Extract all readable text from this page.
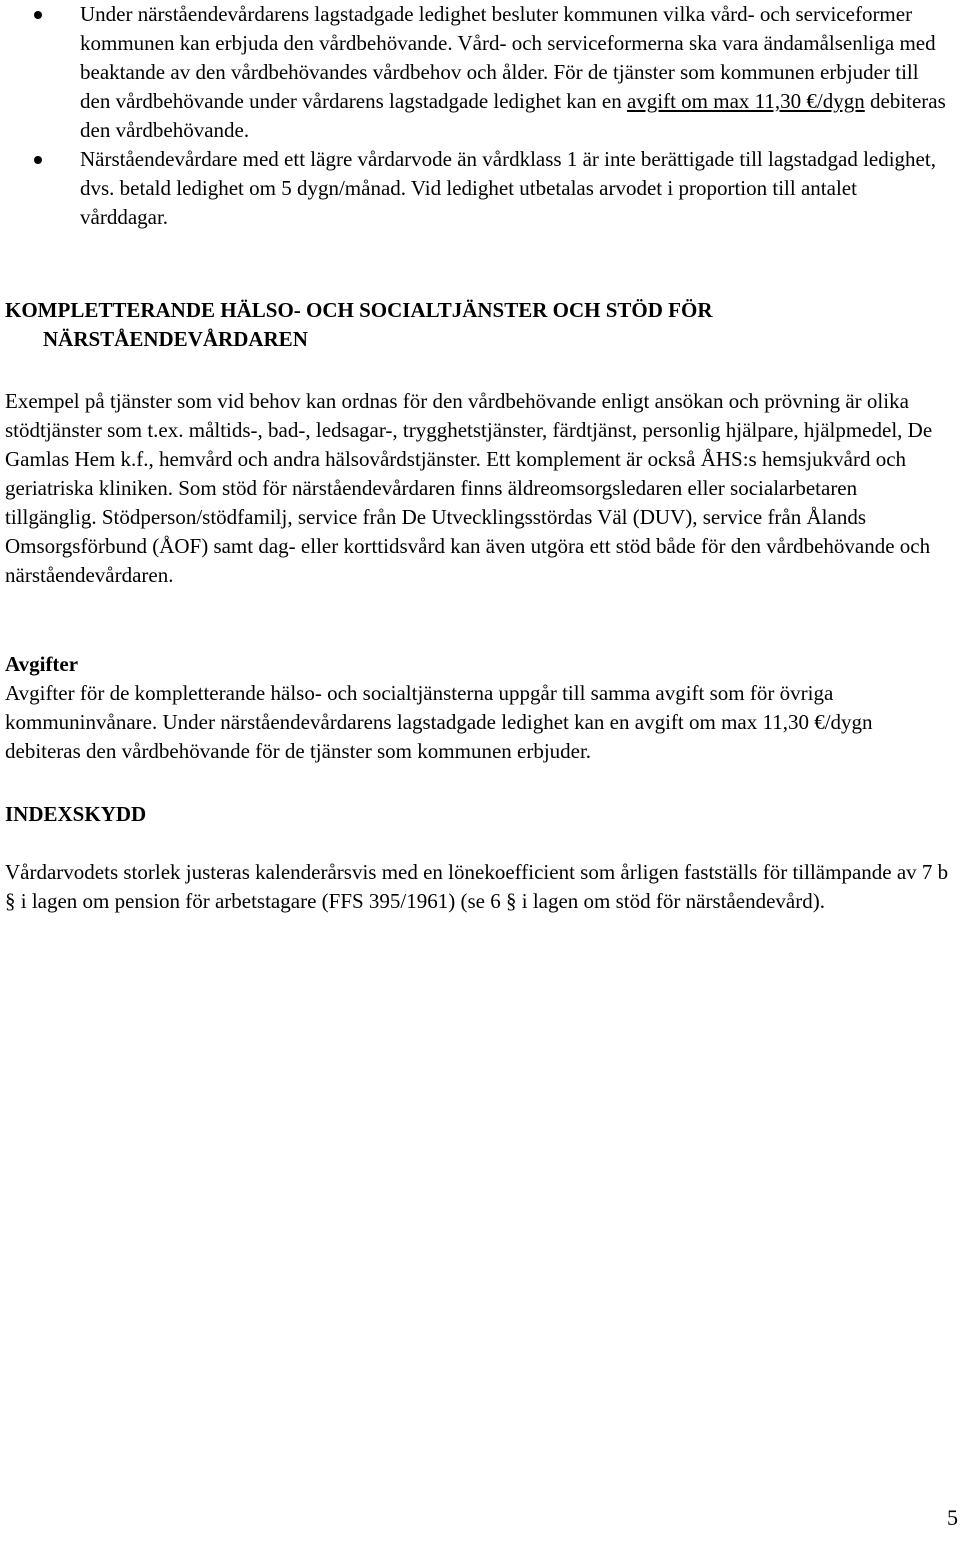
Under närståendevårdarens lagstadgade ledighet besluter kommunen vilka vård- och serviceformer kommunen kan erbjuda den vårdbehövande. Vård- och serviceformerna ska vara ändamålsenliga med beaktande av den vårdbehövandes vårdbehov och ålder. För de tjänster som kommunen erbjuder till den vårdbehövande under vårdarens lagstadgade ledighet kan en avgift om max 11,30 €/dygn debiteras den vårdbehövande.
Närståendevårdare med ett lägre vårdarvode än vårdklass 1 är inte berättigade till lagstadgad ledighet, dvs. betald ledighet om 5 dygn/månad. Vid ledighet utbetalas arvodet i proportion till antalet vårddagar.
KOMPLETTERANDE HÄLSO- OCH SOCIALTJÄNSTER OCH STÖD FÖR
NÄRSTÅENDEVÅRDAREN

Exempel på tjänster som vid behov kan ordnas för den vårdbehövande enligt ansökan och prövning är olika stödtjänster som t.ex. måltids-, bad-, ledsagar-, trygghetstjänster, färdtjänst, personlig hjälpare, hjälpmedel, De Gamlas Hem k.f., hemvård och andra hälsovårdstjänster. Ett komplement är också ÅHS:s hemsjukvård och geriatriska kliniken. Som stöd för närståendevårdaren finns äldreomsorgsledaren eller socialarbetaren tillgänglig. Stödperson/stödfamilj, service från De Utvecklingsstördas Väl (DUV), service från Ålands Omsorgsförbund (ÅOF) samt dag- eller korttidsvård kan även utgöra ett stöd både för den vårdbehövande och närståendevårdaren.

Avgifter

Avgifter för de kompletterande hälso- och socialtjänsterna uppgår till samma avgift som för övriga kommuninvånare. Under närståendevårdarens lagstadgade ledighet kan en avgift om max 11,30 €/dygn debiteras den vårdbehövande för de tjänster som kommunen erbjuder.

INDEXSKYDD

Vårdarvodets storlek justeras kalenderårsvis med en lönekoefficient som årligen fastställs för tillämpande av 7 b § i lagen om pension för arbetstagare (FFS 395/1961) (se 6 § i lagen om stöd för närståendevård).

5
